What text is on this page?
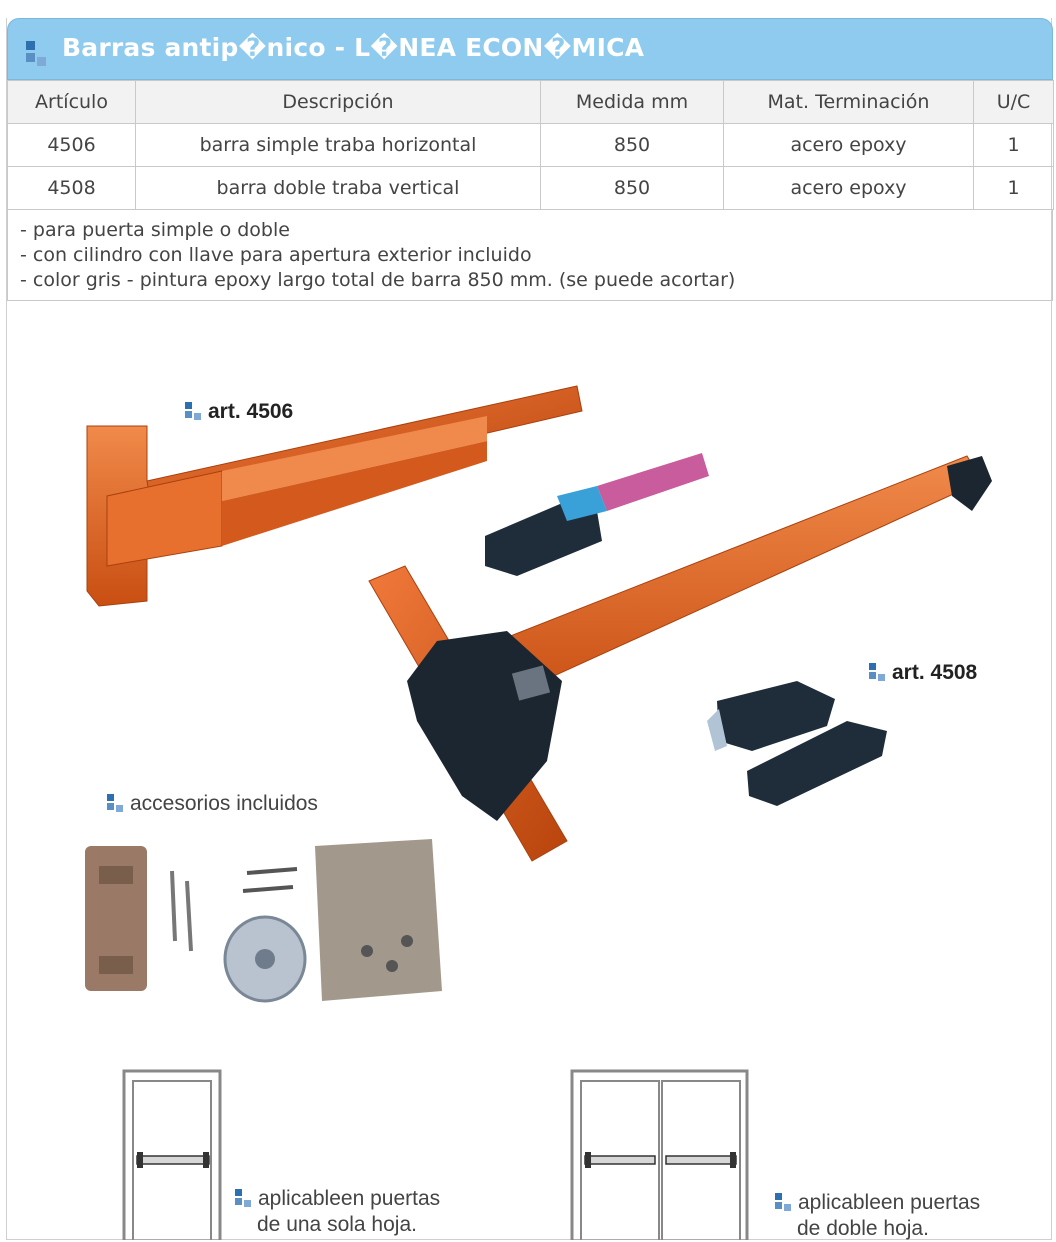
Barras antip�nico - L�NEA ECON�MICA
Artículo	Descripción	Medida mm	Mat. Terminación	U/C
4506	barra simple traba horizontal	850	acero epoxy	1
4508	barra doble traba vertical	850	acero epoxy	1
- para puerta simple o doble
- con cilindro con llave para apertura exterior incluido
- color gris - pintura epoxy largo total de barra 850 mm. (se puede acortar)
art. 4506
art. 4508
accesorios incluidos
aplicableen puertas
de una sola hoja.
aplicableen puertas
de doble hoja.
